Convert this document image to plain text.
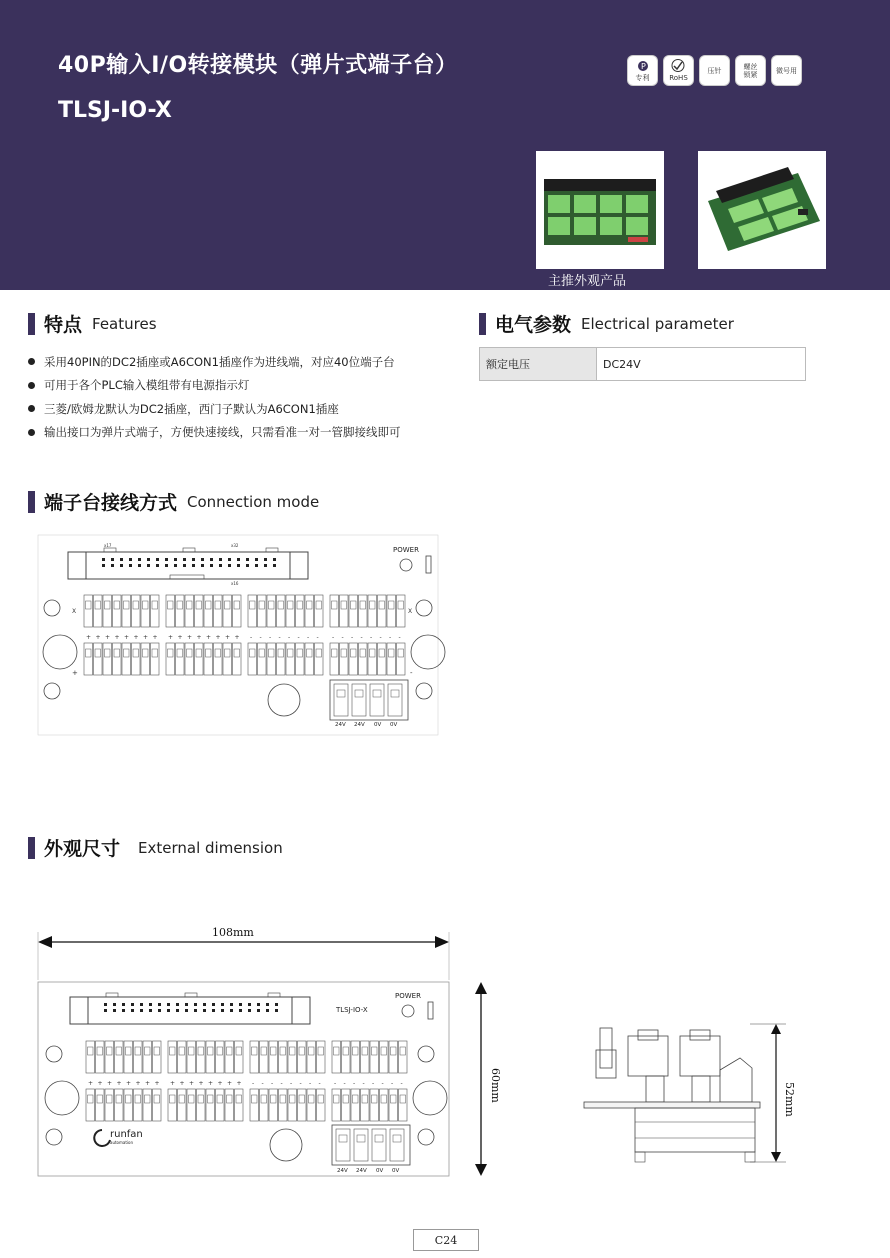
40P输入I/O转接模块（弹片式端子台）
TLSJ-IO-X
P
专利	RoHS
压针	螺丝锁紧	微号用
主推外观产品
特点 Features
采用40PIN的DC2插座或A6CON1插座作为进线端，对应40位端子台
可用于各个PLC输入模组带有电源指示灯
三菱/欧姆龙默认为DC2插座，西门子默认为A6CON1插座
输出接口为弹片式端子，方便快速接线，只需看准一对一管脚接线即可
电气参数 Electrical parameter
额定电压	DC24V
端子台接线方式 Connection mode
x17	x32
x16
POWER
X	X
+	-
+ + + + + + + + + + + + + + + + - - - - - - - - - - - - - - - -
24V 24V 0V 0V
外观尺寸 External dimension
108mm
60mm
TLSJ-IO-X
POWER
+ + + + + + + + + + + + + + + + - - - - - - - - - - - - - - - -
24V 24V 0V 0V
runfan
automation
52mm
C24
